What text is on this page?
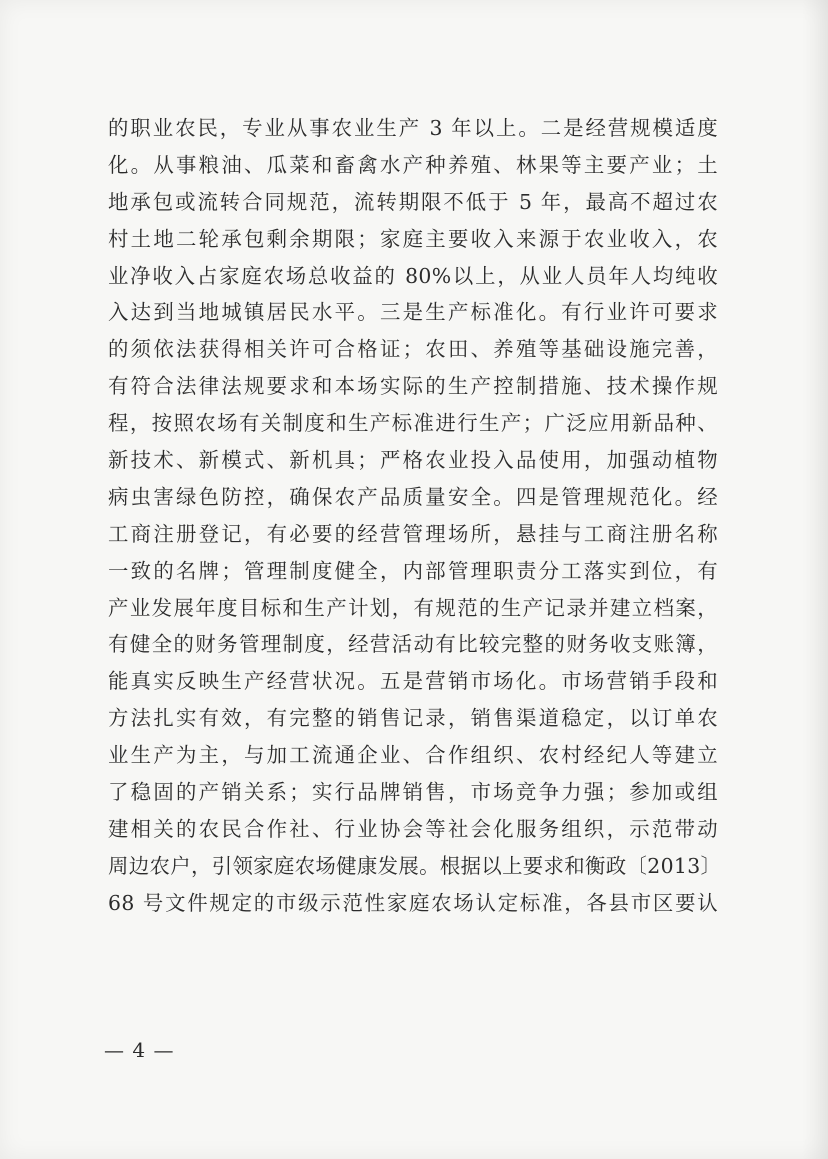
的职业农民，专业从事农业生产 3 年以上。二是经营规模适度
化。从事粮油、瓜菜和畜禽水产种养殖、林果等主要产业；土
地承包或流转合同规范，流转期限不低于 5 年，最高不超过农
村土地二轮承包剩余期限；家庭主要收入来源于农业收入，农
业净收入占家庭农场总收益的 80%以上，从业人员年人均纯收
入达到当地城镇居民水平。三是生产标准化。有行业许可要求
的须依法获得相关许可合格证；农田、养殖等基础设施完善，
有符合法律法规要求和本场实际的生产控制措施、技术操作规
程，按照农场有关制度和生产标准进行生产；广泛应用新品种、
新技术、新模式、新机具；严格农业投入品使用，加强动植物
病虫害绿色防控，确保农产品质量安全。四是管理规范化。经
工商注册登记，有必要的经营管理场所，悬挂与工商注册名称
一致的名牌；管理制度健全，内部管理职责分工落实到位，有
产业发展年度目标和生产计划，有规范的生产记录并建立档案，
有健全的财务管理制度，经营活动有比较完整的财务收支账簿，
能真实反映生产经营状况。五是营销市场化。市场营销手段和
方法扎实有效，有完整的销售记录，销售渠道稳定，以订单农
业生产为主，与加工流通企业、合作组织、农村经纪人等建立
了稳固的产销关系；实行品牌销售，市场竞争力强；参加或组
建相关的农民合作社、行业协会等社会化服务组织，示范带动
周边农户，引领家庭农场健康发展。根据以上要求和衡政〔2013〕
68 号文件规定的市级示范性家庭农场认定标准，各县市区要认
— 4 —
